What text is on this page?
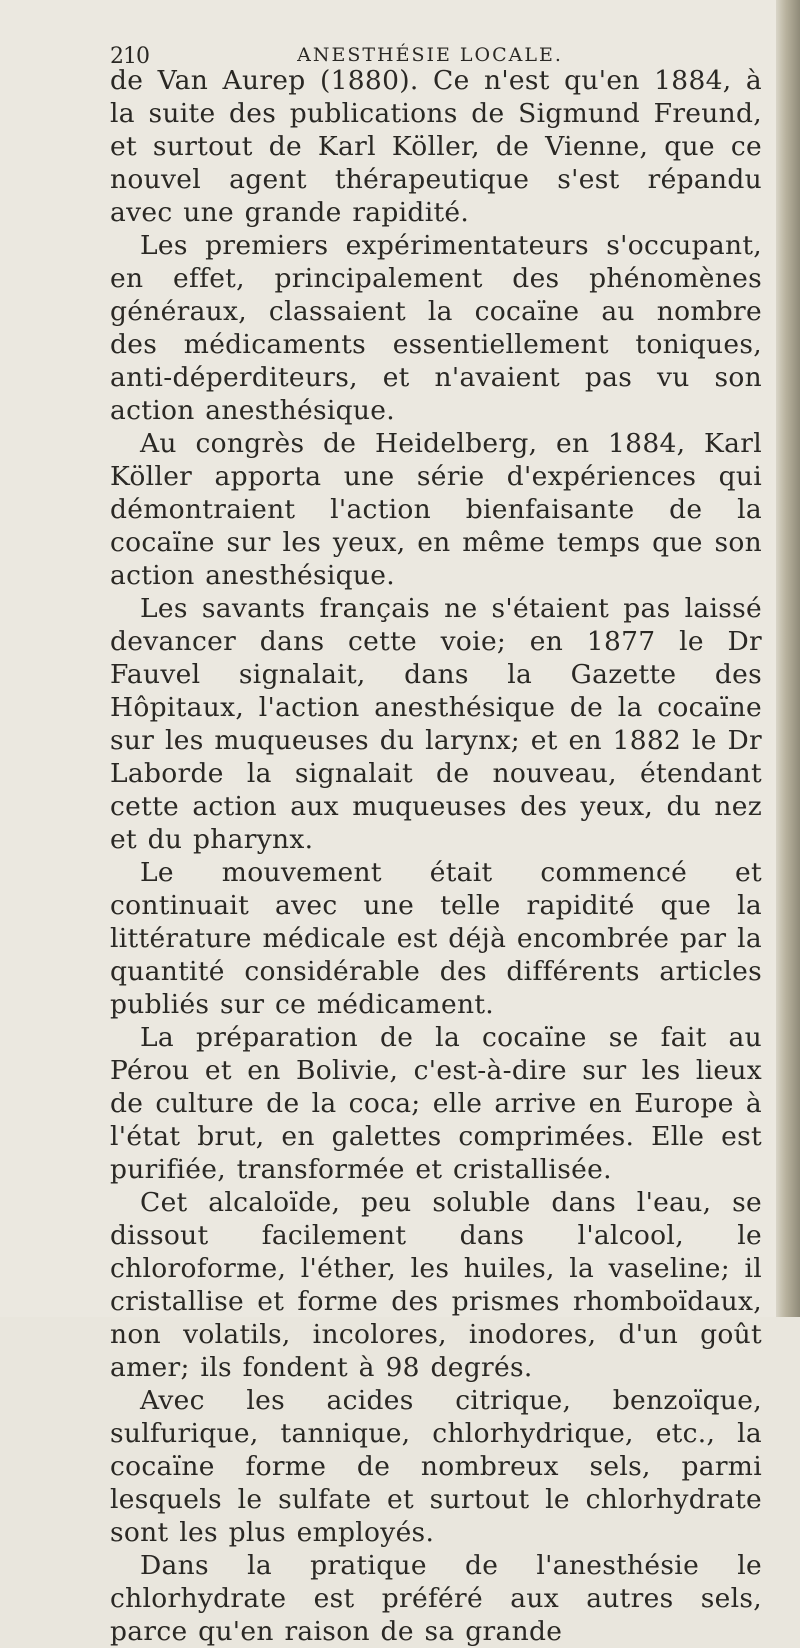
210	ANESTHÉSIE LOCALE.

de Van Aurep (1880). Ce n'est qu'en 1884, à la suite des publications de Sigmund Freund, et surtout de Karl Köller, de Vienne, que ce nouvel agent thérapeutique s'est répandu avec une grande rapidité.

Les premiers expérimentateurs s'occupant, en effet, principalement des phénomènes généraux, classaient la cocaïne au nombre des médicaments essentiellement toniques, anti-déperditeurs, et n'avaient pas vu son action anesthésique.

Au congrès de Heidelberg, en 1884, Karl Köller apporta une série d'expériences qui démontraient l'action bienfaisante de la cocaïne sur les yeux, en même temps que son action anesthésique.

Les savants français ne s'étaient pas laissé devancer dans cette voie; en 1877 le Dr Fauvel signalait, dans la Gazette des Hôpitaux, l'action anesthésique de la cocaïne sur les muqueuses du larynx; et en 1882 le Dr Laborde la signalait de nouveau, étendant cette action aux muqueuses des yeux, du nez et du pharynx.

Le mouvement était commencé et continuait avec une telle rapidité que la littérature médicale est déjà encombrée par la quantité considérable des différents articles publiés sur ce médicament.

La préparation de la cocaïne se fait au Pérou et en Bolivie, c'est-à-dire sur les lieux de culture de la coca; elle arrive en Europe à l'état brut, en galettes comprimées. Elle est purifiée, transformée et cristallisée.

Cet alcaloïde, peu soluble dans l'eau, se dissout facilement dans l'alcool, le chloroforme, l'éther, les huiles, la vaseline; il cristallise et forme des prismes rhomboïdaux, non volatils, incolores, inodores, d'un goût amer; ils fondent à 98 degrés.

Avec les acides citrique, benzoïque, sulfurique, tannique, chlorhydrique, etc., la cocaïne forme de nombreux sels, parmi lesquels le sulfate et surtout le chlorhydrate sont les plus employés.

Dans la pratique de l'anesthésie le chlorhydrate est préféré aux autres sels, parce qu'en raison de sa grande
